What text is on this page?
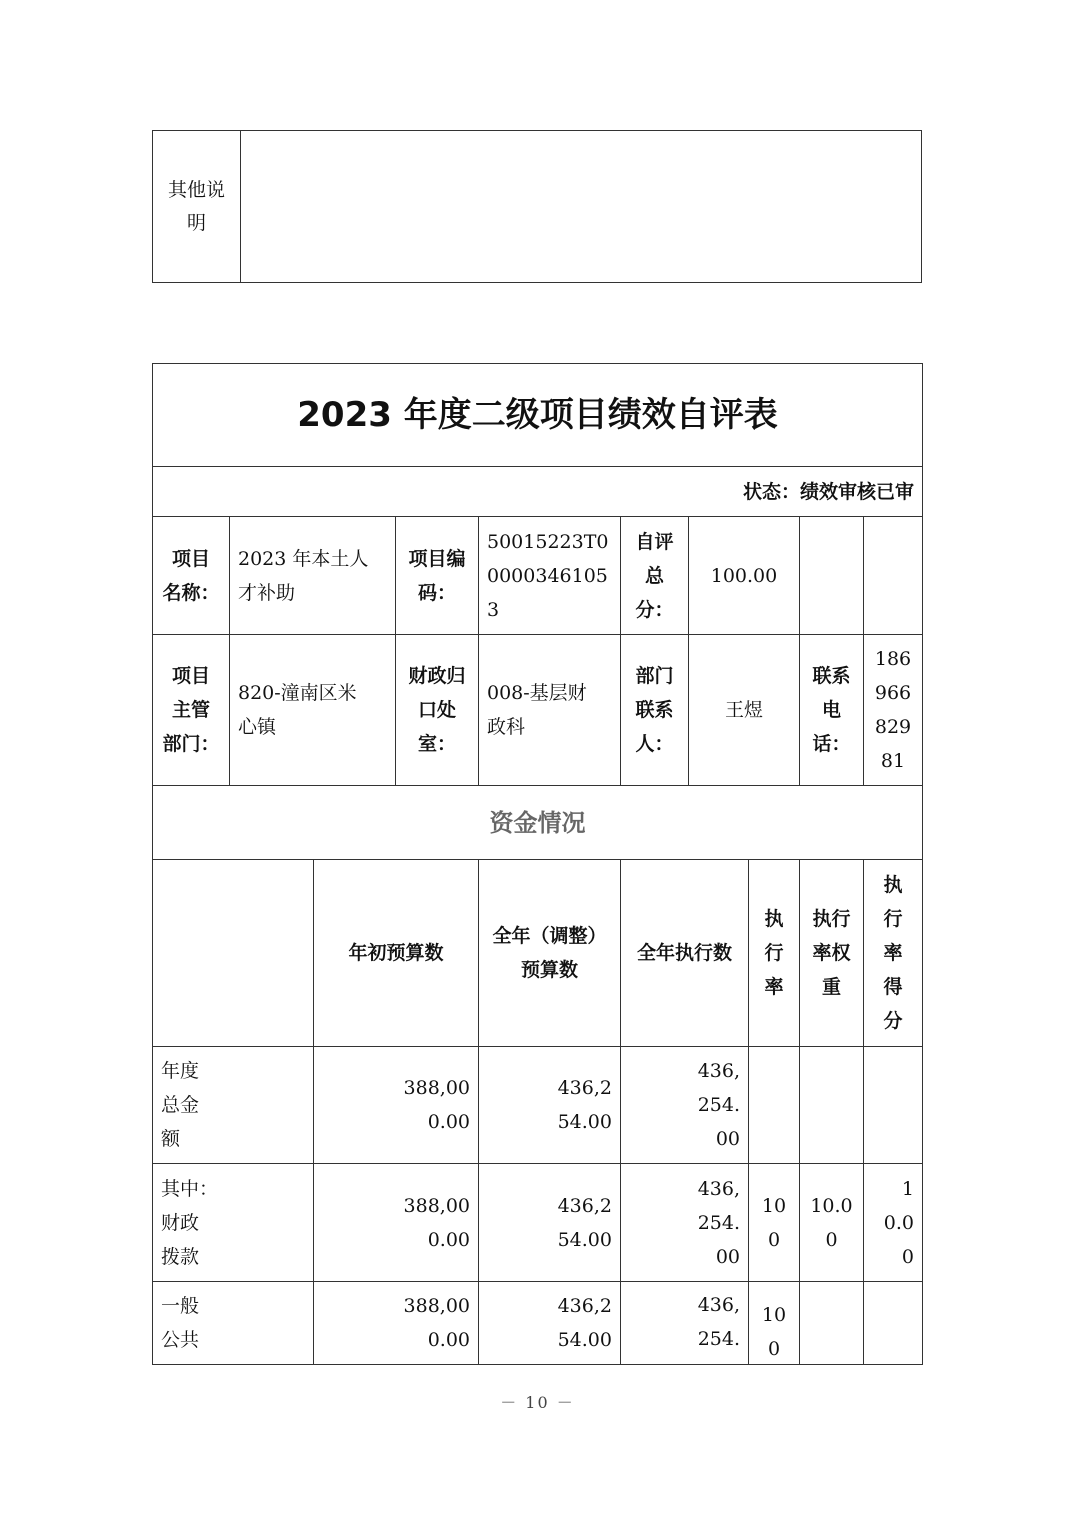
其他说 明
2023 年度二级项目绩效自评表
状态：绩效审核已审
项目
名称：
2023 年本土人
才补助
项目编
码：
50015223T0
00003461053
自评
总
分：
100.00
项目
主管
部门：
820-潼南区米
心镇
财政归
口处
室：
008-基层财
政科
部门
联系
人：
王煜
联系
电
话：
186
966
829
81
资金情况
年初预算数
全年（调整）
预算数
全年执行数
执
行
率
执行
率权
重
执
行
率
得
分
年度
总金
额
388,00
0.00
436,2
54.00
436,
254.
00
其中：
财政
拨款
388,00
0.00
436,2
54.00
436,
254.
00
100
10.00
1
0.00
一般
公共
388,00
0.00
436,2
54.00
436,
254.
100
－ 10 －
